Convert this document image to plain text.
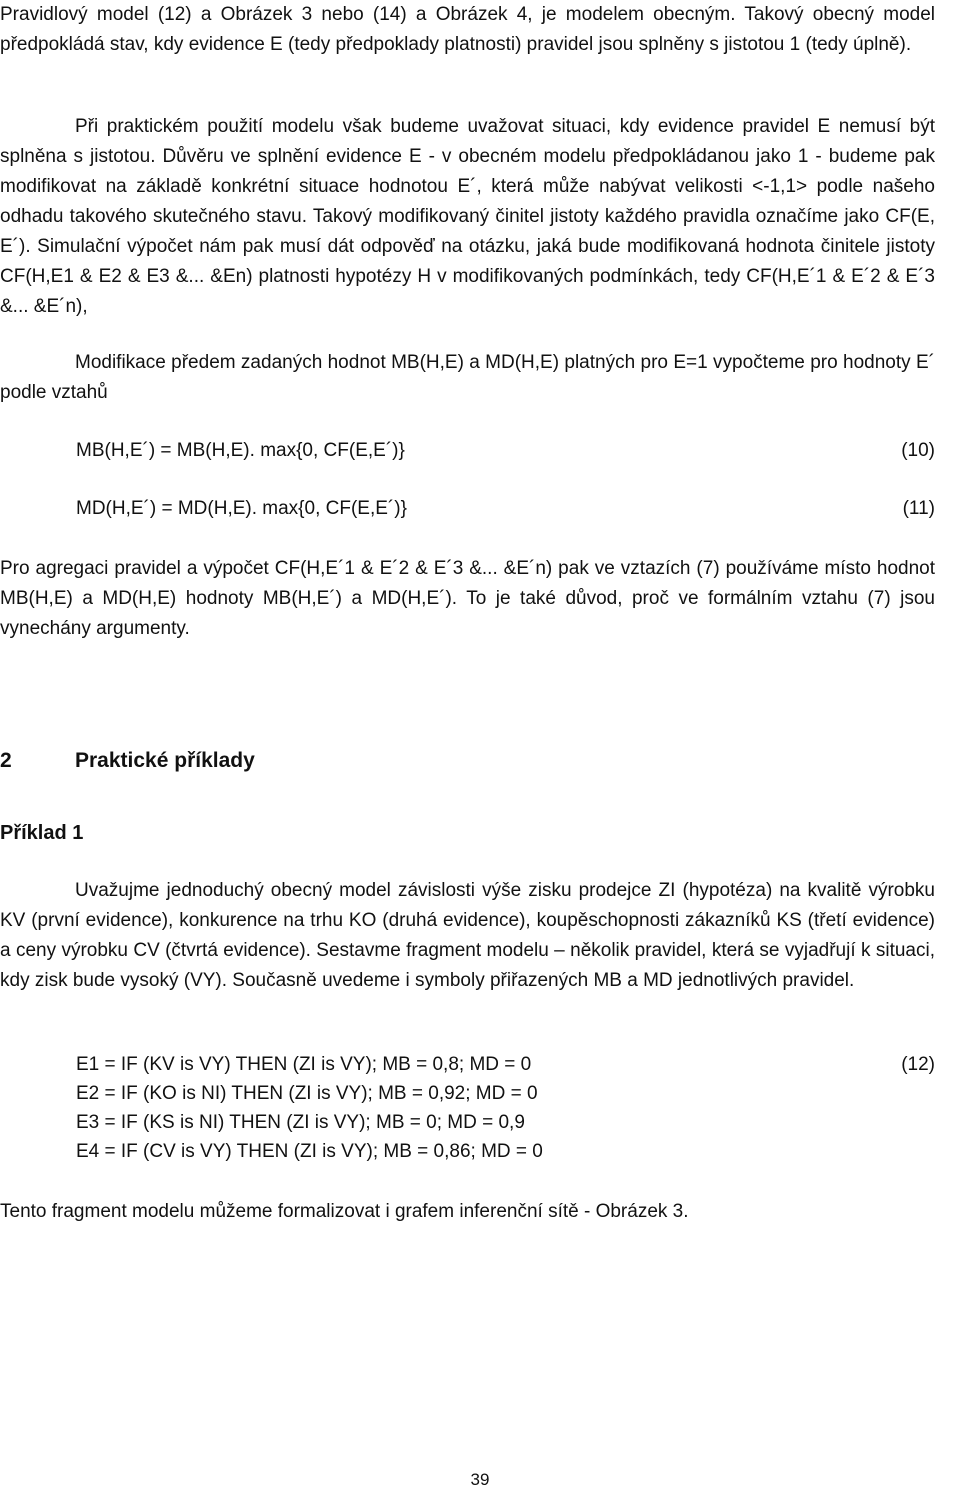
Pravidlový model (12) a Obrázek 3 nebo (14) a Obrázek 4, je modelem obecným. Takový obecný model předpokládá stav, kdy evidence E (tedy předpoklady platnosti) pravidel jsou splněny s jistotou 1 (tedy úplně).

Při praktickém použití modelu však budeme uvažovat situaci, kdy evidence pravidel E nemusí být splněna s jistotou. Důvěru ve splnění evidence E - v obecném modelu předpokládanou jako 1 - budeme pak modifikovat na základě konkrétní situace hodnotou E´, která může nabývat velikosti <-1,1> podle našeho odhadu takového skutečného stavu. Takový modifikovaný činitel jistoty každého pravidla označíme jako CF(E, E´). Simulační výpočet nám pak musí dát odpověď na otázku, jaká bude modifikovaná hodnota činitele jistoty CF(H,E1 & E2 & E3 &... &En) platnosti hypotézy H v modifikovaných podmínkách, tedy CF(H,E´1 & E´2 & E´3 &... &E´n),

Modifikace předem zadaných hodnot MB(H,E) a MD(H,E) platných pro E=1 vypočteme pro hodnoty E´ podle vztahů

MB(H,E´) = MB(H,E). max{0, CF(E,E´)}	(10)
MD(H,E´) = MD(H,E). max{0, CF(E,E´)}	(11)

Pro agregaci pravidel a výpočet CF(H,E´1 & E´2 & E´3 &... &E´n) pak ve vztazích (7) používáme místo hodnot MB(H,E) a MD(H,E) hodnoty MB(H,E´) a MD(H,E´). To je také důvod, proč ve formálním vztahu (7) jsou vynechány argumenty.

2	Praktické příklady
Příklad 1

Uvažujme jednoduchý obecný model závislosti výše zisku prodejce ZI (hypotéza) na kvalitě výrobku KV (první evidence), konkurence na trhu KO (druhá evidence), koupěschopnosti zákazníků KS (třetí evidence) a ceny výrobku CV (čtvrtá evidence). Sestavme fragment modelu – několik pravidel, která se vyjadřují k situaci, kdy zisk bude vysoký (VY). Současně uvedeme i symboly přiřazených MB a MD jednotlivých pravidel.

E1 = IF (KV is VY) THEN (ZI is VY); MB = 0,8; MD = 0
E2 = IF (KO is NI) THEN (ZI is VY); MB = 0,92; MD = 0
E3 = IF (KS is NI) THEN (ZI is VY); MB = 0; MD = 0,9
E4 = IF (CV is VY) THEN (ZI is VY); MB = 0,86; MD = 0
(12)

Tento fragment modelu můžeme formalizovat i grafem inferenční sítě - Obrázek 3.

39
